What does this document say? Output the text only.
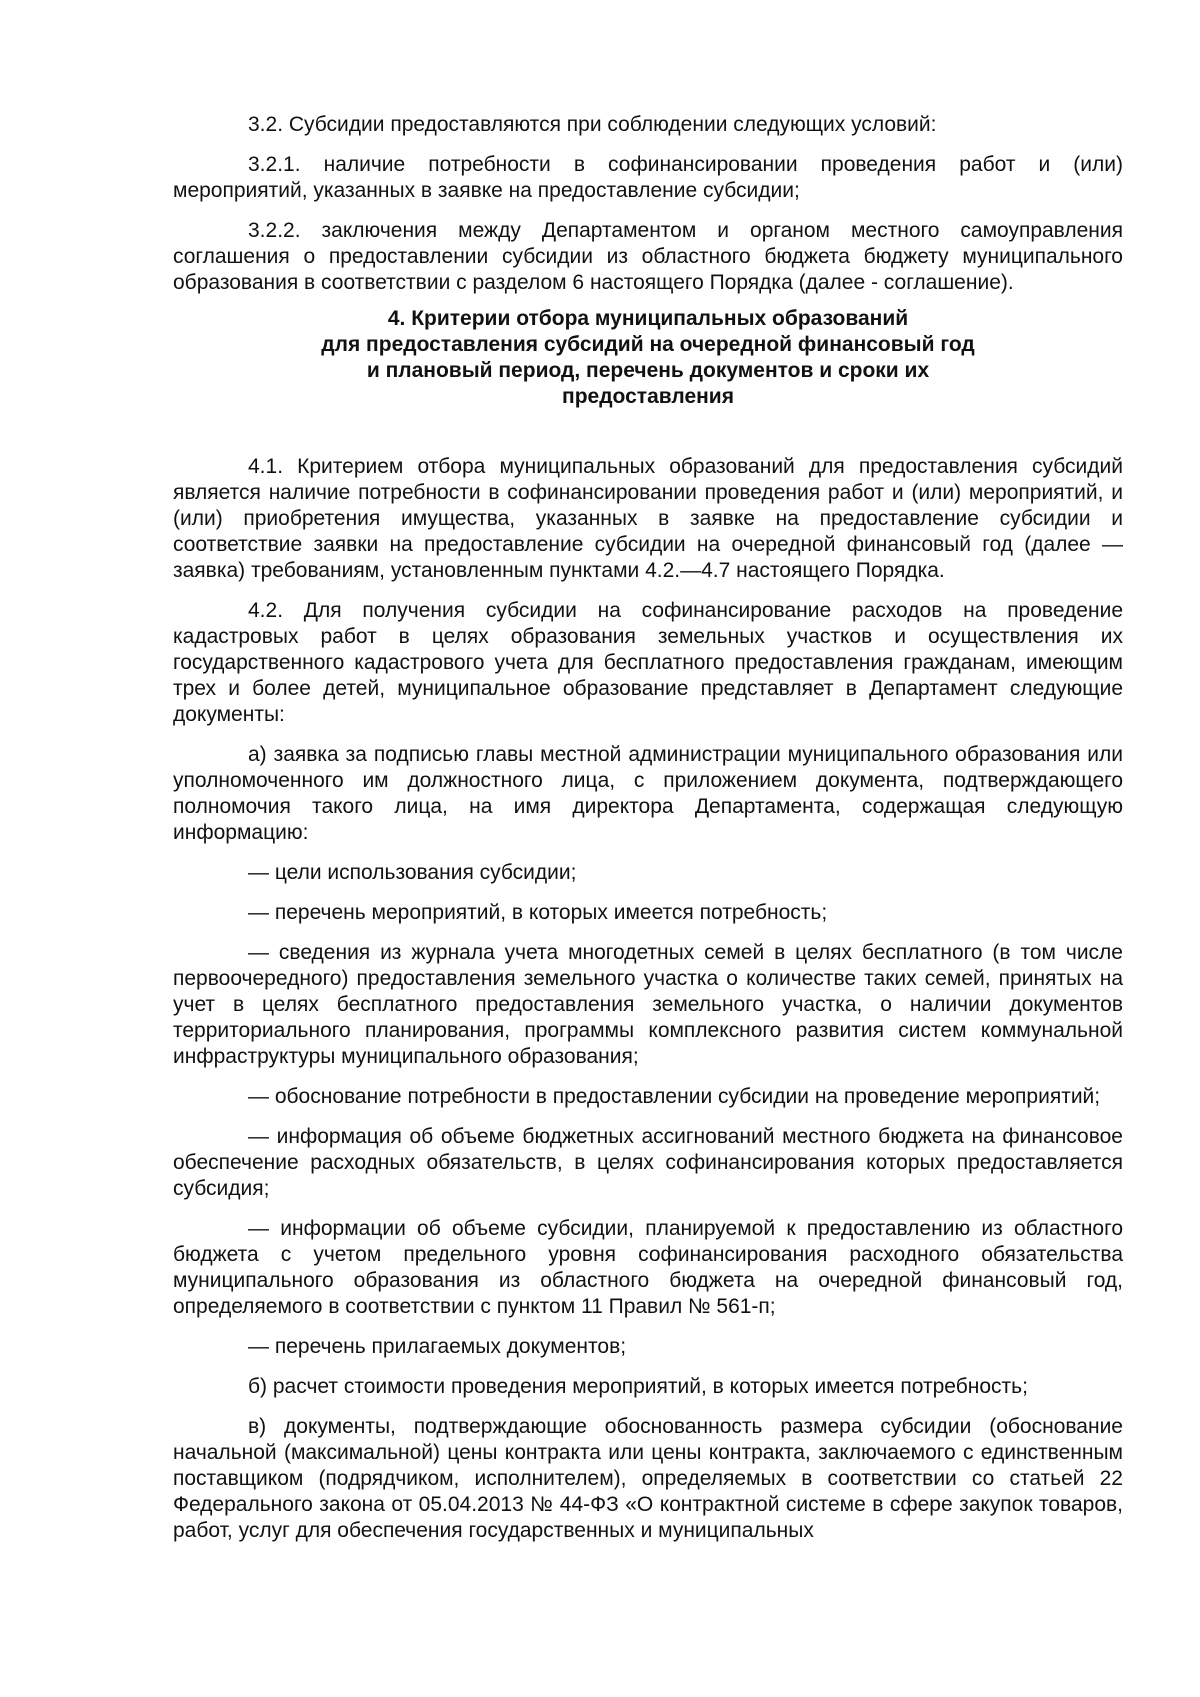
3.2. Субсидии предоставляются при соблюдении следующих условий:

3.2.1. наличие потребности в софинансировании проведения работ и (или) мероприятий, указанных в заявке на предоставление субсидии;

3.2.2. заключения между Департаментом и органом местного самоуправления соглашения о предоставлении субсидии из областного бюджета бюджету муниципального образования в соответствии с разделом 6 настоящего Порядка (далее - соглашение).

4. Критерии отбора муниципальных образований
для предоставления субсидий на очередной финансовый год
и плановый период, перечень документов и сроки их
предоставления

4.1. Критерием отбора муниципальных образований для предоставления субсидий является наличие потребности в софинансировании проведения работ и (или) мероприятий, и (или) приобретения имущества, указанных в заявке на предоставление субсидии и соответствие заявки на предоставление субсидии на очередной финансовый год (далее — заявка) требованиям, установленным пунктами 4.2.—4.7 настоящего Порядка.

4.2. Для получения субсидии на софинансирование расходов на проведение кадастровых работ в целях образования земельных участков и осуществления их государственного кадастрового учета для бесплатного предоставления гражданам, имеющим трех и более детей, муниципальное образование представляет в Департамент следующие документы:

а) заявка за подписью главы местной администрации муниципального образования или уполномоченного им должностного лица, с приложением документа, подтверждающего полномочия такого лица, на имя директора Департамента, содержащая следующую информацию:

— цели использования субсидии;

— перечень мероприятий, в которых имеется потребность;

— сведения из журнала учета многодетных семей в целях бесплатного (в том числе первоочередного) предоставления земельного участка о количестве таких семей, принятых на учет в целях бесплатного предоставления земельного участка, о наличии документов территориального планирования, программы комплексного развития систем коммунальной инфраструктуры муниципального образования;

— обоснование потребности в предоставлении субсидии на проведение мероприятий;

— информация об объеме бюджетных ассигнований местного бюджета на финансовое обеспечение расходных обязательств, в целях софинансирования которых предоставляется субсидия;

— информации об объеме субсидии, планируемой к предоставлению из областного бюджета с учетом предельного уровня софинансирования расходного обязательства муниципального образования из областного бюджета на очередной финансовый год, определяемого в соответствии с пунктом 11 Правил № 561-п;

— перечень прилагаемых документов;

б) расчет стоимости проведения мероприятий, в которых имеется потребность;

в) документы, подтверждающие обоснованность размера субсидии (обоснование начальной (максимальной) цены контракта или цены контракта, заключаемого с единственным поставщиком (подрядчиком, исполнителем), определяемых в соответствии со статьей 22 Федерального закона от 05.04.2013 № 44-ФЗ «О контрактной системе в сфере закупок товаров, работ, услуг для обеспечения государственных и муниципальных
